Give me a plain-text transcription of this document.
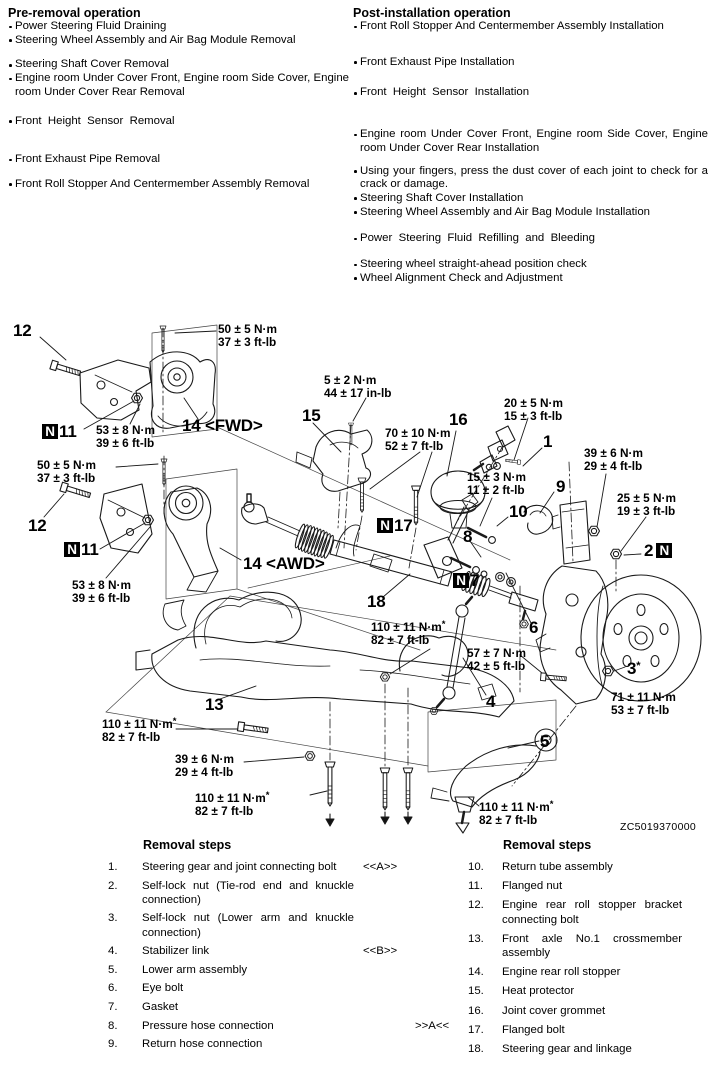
Pre-removal operation
Power Steering Fluid Draining
Steering Wheel Assembly and Air Bag Module Removal
Steering Shaft Cover Removal
Engine room Under Cover Front, Engine room Side Cover, Engine room Under Cover Rear Removal
Front  Height  Sensor  Removal
Front Exhaust Pipe Removal
Front Roll Stopper And Centermember Assembly Removal
Post-installation operation
Front Roll Stopper And Centermember Assembly Installation
Front Exhaust Pipe Installation
Front  Height  Sensor  Installation
Engine room Under Cover Front, Engine room Side Cover, Engine room Under Cover Rear Installation
Using your fingers, press the dust cover of each joint to check for a crack or damage.
Steering Shaft Cover Installation
Steering Wheel Assembly and Air Bag Module Installation
Power  Steering  Fluid  Refilling  and  Bleeding
Steering wheel straight-ahead position check
Wheel Alignment Check and Adjustment
12
N 11	14 <FWD>
12
N 11
14 <AWD>
15	16
1
9
10
8
N 17
2 N
N 7
18
6
3*
4
13
5
50 ± 5 N·m
37 ± 3 ft-lb
53 ± 8 N·m
39 ± 6 ft-lb
50 ± 5 N·m
37 ± 3 ft-lb
53 ± 8 N·m
39 ± 6 ft-lb
5 ± 2 N·m
44 ± 17 in-lb
70 ± 10 N·m
52 ± 7 ft-lb
20 ± 5 N·m
15 ± 3 ft-lb
15 ± 3 N·m
11 ± 2 ft-lb
39 ± 6 N·m
29 ± 4 ft-lb
25 ± 5 N·m
19 ± 3 ft-lb
110 ± 11 N·m*
82 ± 7 ft-lb
57 ± 7 N·m
42 ± 5 ft-lb
71 ± 11 N·m
53 ± 7 ft-lb
110 ± 11 N·m*
82 ± 7 ft-lb
39 ± 6 N·m
29 ± 4 ft-lb
110 ± 11 N·m*
82 ± 7 ft-lb	110 ± 11 N·m*
82 ± 7 ft-lb	ZC5019370000
Removal steps
1.	Steering gear and joint connecting bolt	<<A>>
2.	Self-lock nut (Tie-rod end and knuckle connection)
3.	Self-lock nut (Lower arm and knuckle connection)
4.	Stabilizer link	<<B>>
5.	Lower arm assembly
6.	Eye bolt
7.	Gasket
8.	Pressure hose connection	>>A<<
9.	Return hose connection
Removal steps
10.	Return tube assembly
11.	Flanged nut
12.	Engine rear roll stopper bracket connecting bolt
13.	Front axle No.1 crossmember assembly
14.	Engine rear roll stopper
15.	Heat protector
16.	Joint cover grommet
17.	Flanged bolt
18.	Steering gear and linkage
